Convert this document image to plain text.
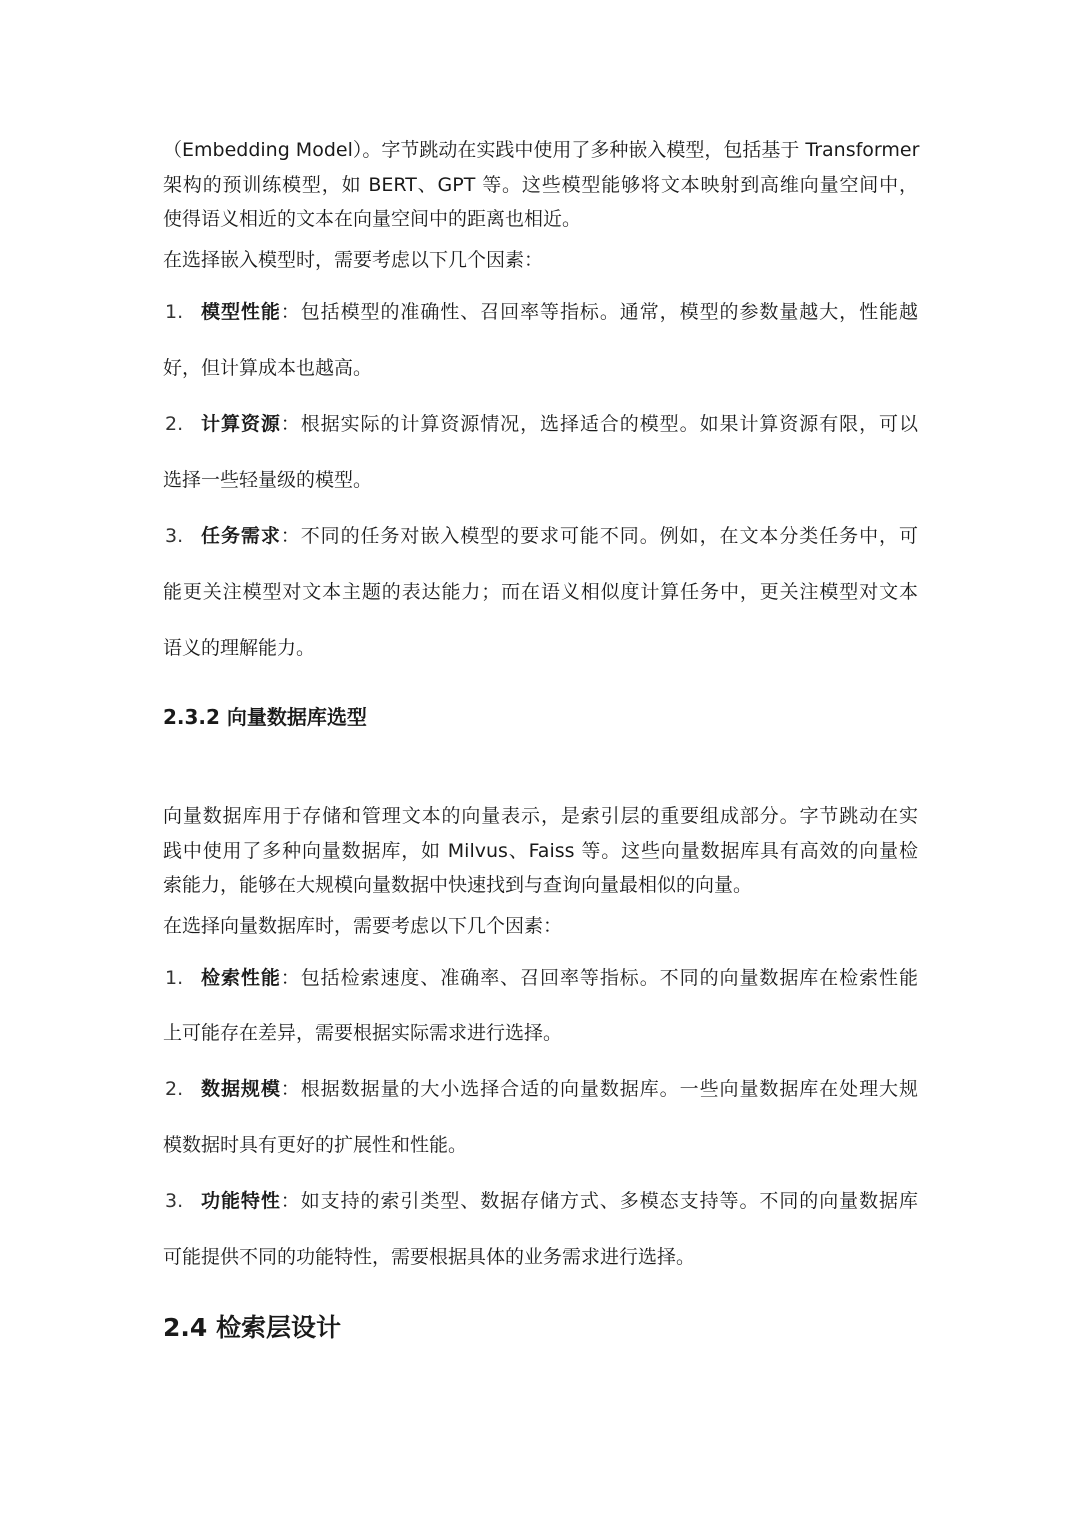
（Embedding Model）。字节跳动在实践中使用了多种嵌入模型，包括基于 Transformer
架构的预训练模型，如 BERT、GPT 等。这些模型能够将文本映射到高维向量空间中，
使得语义相近的文本在向量空间中的距离也相近。
在选择嵌入模型时，需要考虑以下几个因素：
1. 模型性能：包括模型的准确性、召回率等指标。通常，模型的参数量越大，性能越
好，但计算成本也越高。
2. 计算资源：根据实际的计算资源情况，选择适合的模型。如果计算资源有限，可以
选择一些轻量级的模型。
3. 任务需求：不同的任务对嵌入模型的要求可能不同。例如，在文本分类任务中，可
能更关注模型对文本主题的表达能力；而在语义相似度计算任务中，更关注模型对文本
语义的理解能力。
2.3.2 向量数据库选型
向量数据库用于存储和管理文本的向量表示，是索引层的重要组成部分。字节跳动在实
践中使用了多种向量数据库，如 Milvus、Faiss 等。这些向量数据库具有高效的向量检
索能力，能够在大规模向量数据中快速找到与查询向量最相似的向量。
在选择向量数据库时，需要考虑以下几个因素：
1. 检索性能：包括检索速度、准确率、召回率等指标。不同的向量数据库在检索性能
上可能存在差异，需要根据实际需求进行选择。
2. 数据规模：根据数据量的大小选择合适的向量数据库。一些向量数据库在处理大规
模数据时具有更好的扩展性和性能。
3. 功能特性：如支持的索引类型、数据存储方式、多模态支持等。不同的向量数据库
可能提供不同的功能特性，需要根据具体的业务需求进行选择。
2.4 检索层设计
